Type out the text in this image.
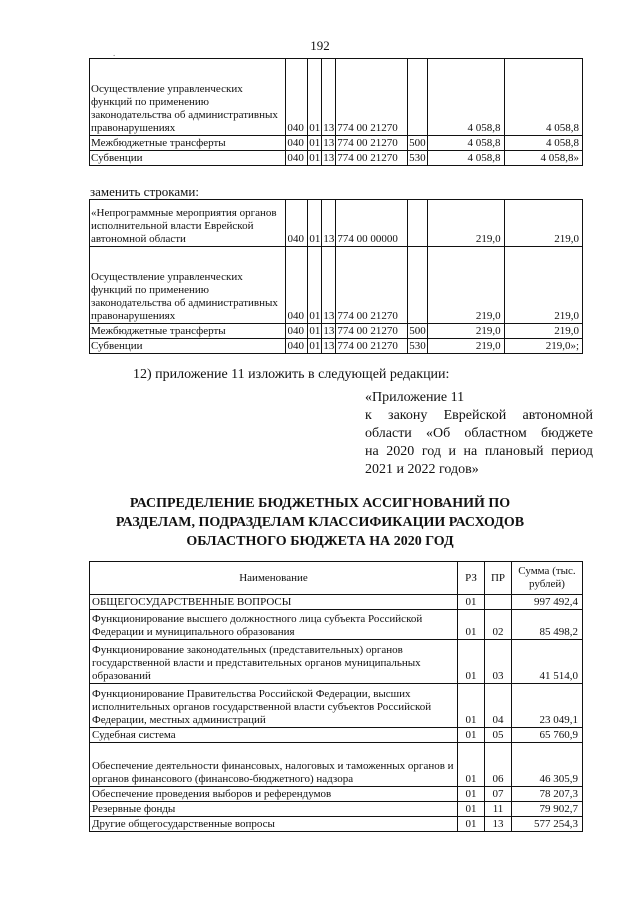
192
.
Осуществление управленческих функций по применению законодательства об административных правонарушениях	040	01	13	774 00 21270		4 058,8	4 058,8
Межбюджетные трансферты	040	01	13	774 00 21270	500	4 058,8	4 058,8
Субвенции	040	01	13	774 00 21270	530	4 058,8	4 058,8»
заменить строками:
«Непрограммные мероприятия органов исполнительной власти Еврейской автономной области	040	01	13	774 00 00000		219,0	219,0
Осуществление управленческих функций по применению законодательства об административных правонарушениях	040	01	13	774 00 21270		219,0	219,0
Межбюджетные трансферты	040	01	13	774 00 21270	500	219,0	219,0
Субвенции	040	01	13	774 00 21270	530	219,0	219,0»;
12) приложение 11 изложить в следующей редакции:
«Приложение 11
к закону Еврейской автономной
области «Об областном бюджете
на 2020 год и на плановый период
2021 и 2022 годов»
РАСПРЕДЕЛЕНИЕ БЮДЖЕТНЫХ АССИГНОВАНИЙ ПО
РАЗДЕЛАМ, ПОДРАЗДЕЛАМ КЛАССИФИКАЦИИ РАСХОДОВ
ОБЛАСТНОГО БЮДЖЕТА НА 2020 ГОД
Наименование	РЗ	ПР	Сумма (тыс. рублей)
ОБЩЕГОСУДАРСТВЕННЫЕ ВОПРОСЫ	01		997 492,4
Функционирование высшего должностного лица субъекта Российской Федерации и муниципального образования	01	02	85 498,2
Функционирование законодательных (представительных) органов государственной власти и представительных органов муниципальных образований	01	03	41 514,0
Функционирование Правительства Российской Федерации, высших исполнительных органов государственной власти субъектов Российской Федерации, местных администраций	01	04	23 049,1
Судебная система	01	05	65 760,9
Обеспечение деятельности финансовых, налоговых и таможенных органов и органов финансового (финансово-бюджетного) надзора	01	06	46 305,9
Обеспечение проведения выборов и референдумов	01	07	78 207,3
Резервные фонды	01	11	79 902,7
Другие общегосударственные вопросы	01	13	577 254,3
